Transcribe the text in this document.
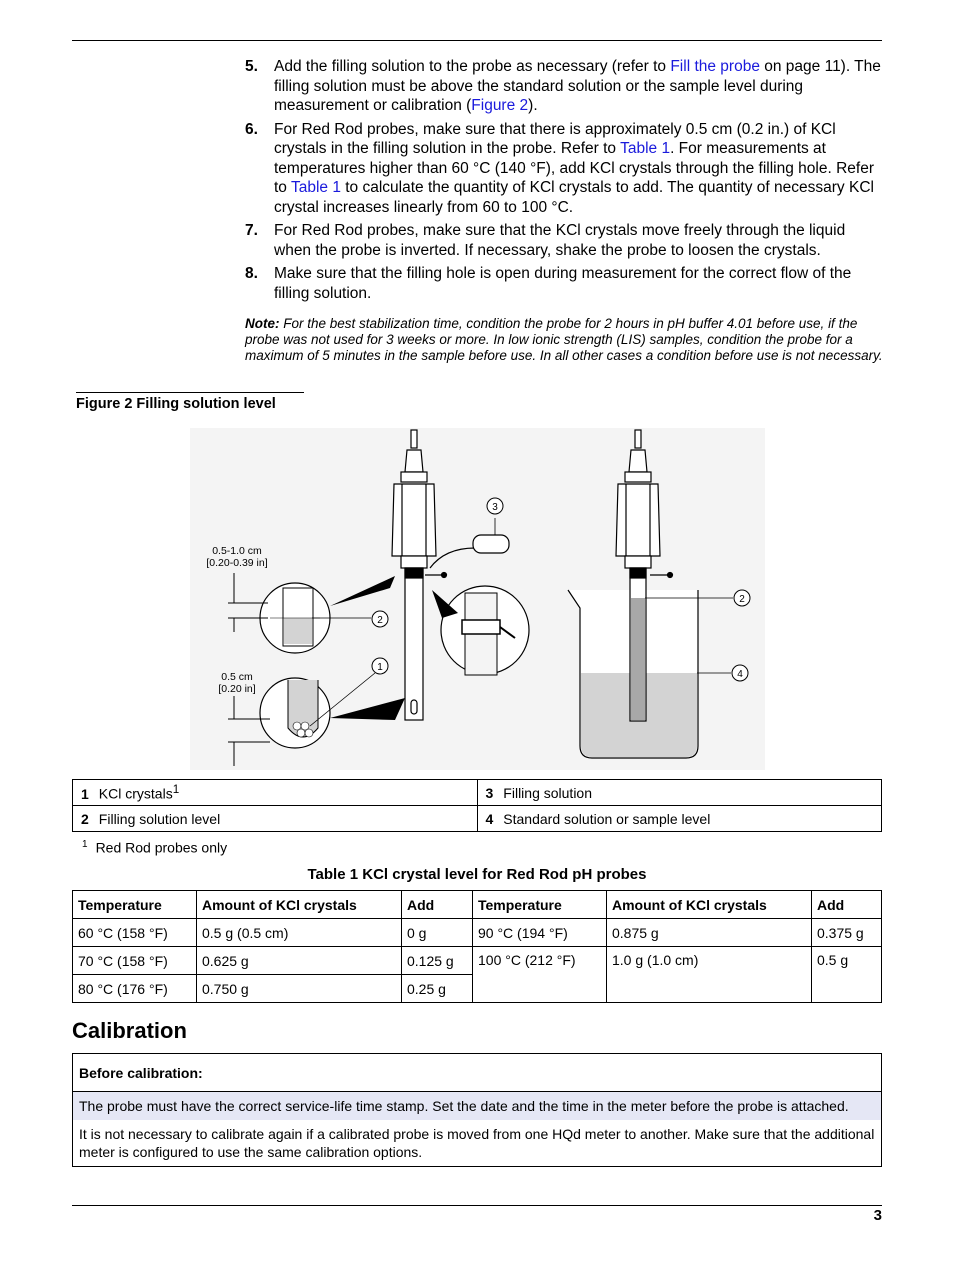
5.	Add the filling solution to the probe as necessary (refer to Fill the probe on page 11). The filling solution must be above the standard solution or the sample level during measurement or calibration (Figure 2).
6.	For Red Rod probes, make sure that there is approximately 0.5 cm (0.2 in.) of KCl crystals in the filling solution in the probe. Refer to Table 1. For measurements at temperatures higher than 60 °C (140 °F), add KCl crystals through the filling hole. Refer to Table 1 to calculate the quantity of KCl crystals to add. The quantity of necessary KCl crystal increases linearly from 60 to 100 °C.
7.	For Red Rod probes, make sure that the KCl crystals move freely through the liquid when the probe is inverted. If necessary, shake the probe to loosen the crystals.
8.	Make sure that the filling hole is open during measurement for the correct flow of the filling solution.
Note: For the best stabilization time, condition the probe for 2 hours in pH buffer 4.01 before use, if the probe was not used for 3 weeks or more. In low ionic strength (LIS) samples, condition the probe for a maximum of 5 minutes in the sample before use. In all other cases a condition before use is not necessary.
Figure 2 Filling solution level
0.5-1.0 cm
[0.20-0.39 in]
0.5 cm
[0.20 in]
1
2
3
2
4
1 KCl crystals$^1$	3 Filling solution
2 Filling solution level	4 Standard solution or sample level
$^1$ Red Rod probes only
Table 1 KCl crystal level for Red Rod pH probes
Temperature	Amount of KCl crystals	Add	Temperature	Amount of KCl crystals	Add
60 °C (158 °F)	0.5 g (0.5 cm)	0 g	90 °C (194 °F)	0.875 g	0.375 g
70 °C (158 °F)	0.625 g	0.125 g	100 °C (212 °F)	1.0 g (1.0 cm)	0.5 g
80 °C (176 °F)	0.750 g	0.25 g			
Calibration
Before calibration:
The probe must have the correct service-life time stamp. Set the date and the time in the meter before the probe is attached.
It is not necessary to calibrate again if a calibrated probe is moved from one HQd meter to another. Make sure that the additional meter is configured to use the same calibration options.
3
